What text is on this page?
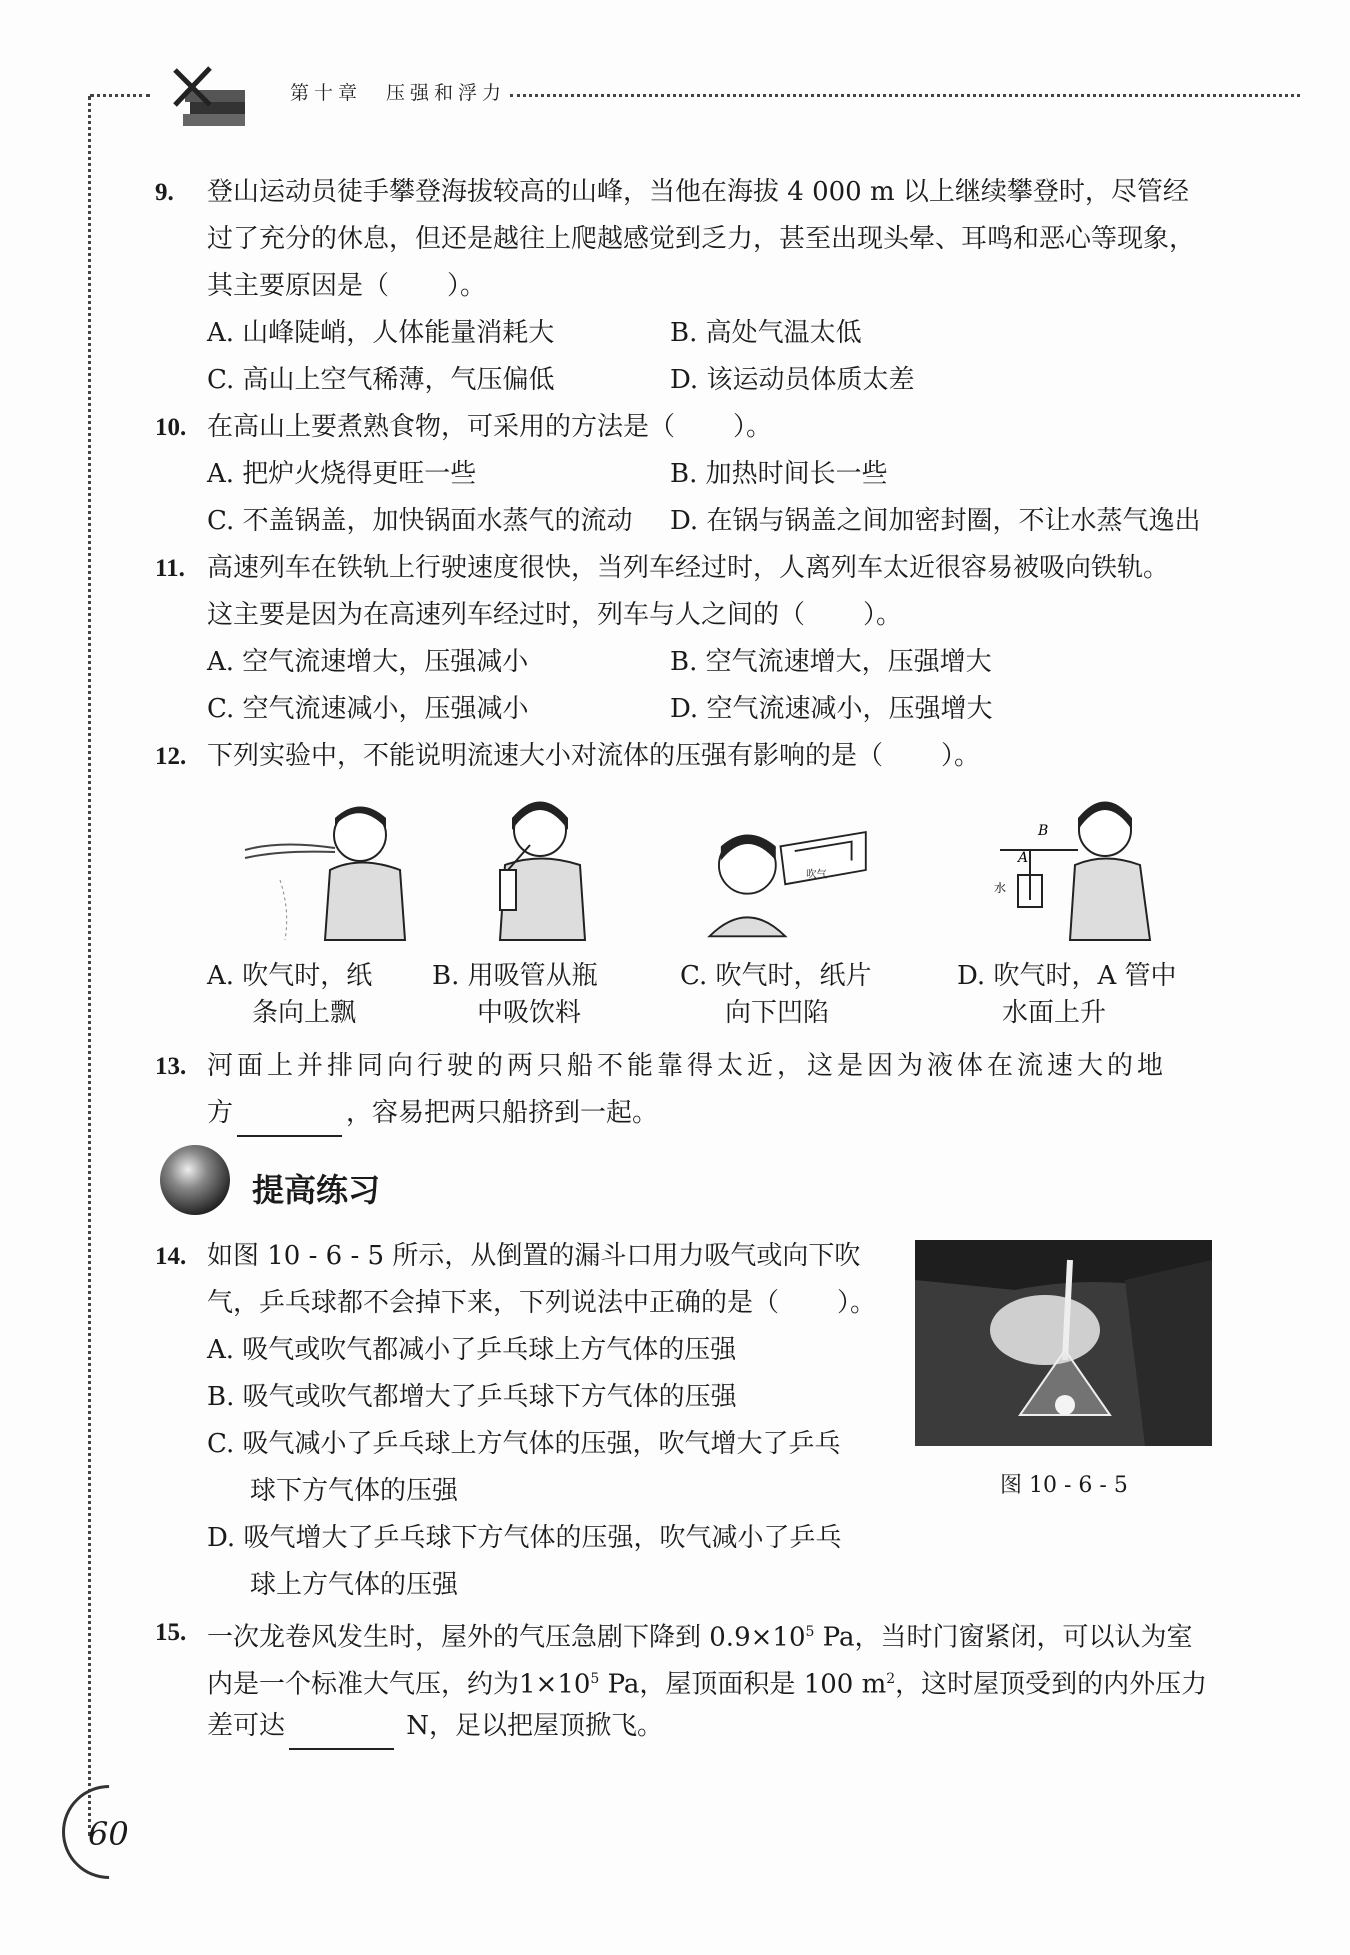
第十章　压强和浮力
9.	登山运动员徒手攀登海拔较高的山峰，当他在海拔 4 000 m 以上继续攀登时，尽管经
过了充分的休息，但还是越往上爬越感觉到乏力，甚至出现头晕、耳鸣和恶心等现象，
其主要原因是（ ）。
A. 山峰陡峭，人体能量消耗大	B. 高处气温太低
C. 高山上空气稀薄，气压偏低	D. 该运动员体质太差
10. 在高山上要煮熟食物，可采用的方法是（ ）。
A. 把炉火烧得更旺一些	B. 加热时间长一些
C. 不盖锅盖，加快锅面水蒸气的流动 D. 在锅与锅盖之间加密封圈，不让水蒸气逸出
11. 高速列车在铁轨上行驶速度很快，当列车经过时，人离列车太近很容易被吸向铁轨。
这主要是因为在高速列车经过时，列车与人之间的（ ）。
A. 空气流速增大，压强减小	B. 空气流速增大，压强增大
C. 空气流速减小，压强减小	D. 空气流速减小，压强增大
12. 下列实验中，不能说明流速大小对流体的压强有影响的是（ ）。
吹气
B
A
水
A. 吹气时，纸
条向上飘
B. 用吸管从瓶
中吸饮料
C. 吹气时，纸片
向下凹陷
D. 吹气时，A 管中
水面上升
13. 河面上并排同向行驶的两只船不能靠得太近，这是因为液体在流速大的地
方	，容易把两只船挤到一起。
提高练习
14. 如图 10 - 6 - 5 所示，从倒置的漏斗口用力吸气或向下吹
气，乒乓球都不会掉下来，下列说法中正确的是（ ）。
A. 吸气或吹气都减小了乒乓球上方气体的压强
B. 吸气或吹气都增大了乒乓球下方气体的压强
C. 吸气减小了乒乓球上方气体的压强，吹气增大了乒乓
球下方气体的压强
D. 吸气增大了乒乓球下方气体的压强，吹气减小了乒乓
球上方气体的压强
图 10 - 6 - 5
15. 一次龙卷风发生时，屋外的气压急剧下降到 $0.9\times 10^5$ Pa，当时门窗紧闭，可以认为室
内是一个标准大气压，约为$1\times 10^5$ Pa，屋顶面积是 100 $m^2$，这时屋顶受到的内外压力
差可达	N，足以把屋顶掀飞。
60
